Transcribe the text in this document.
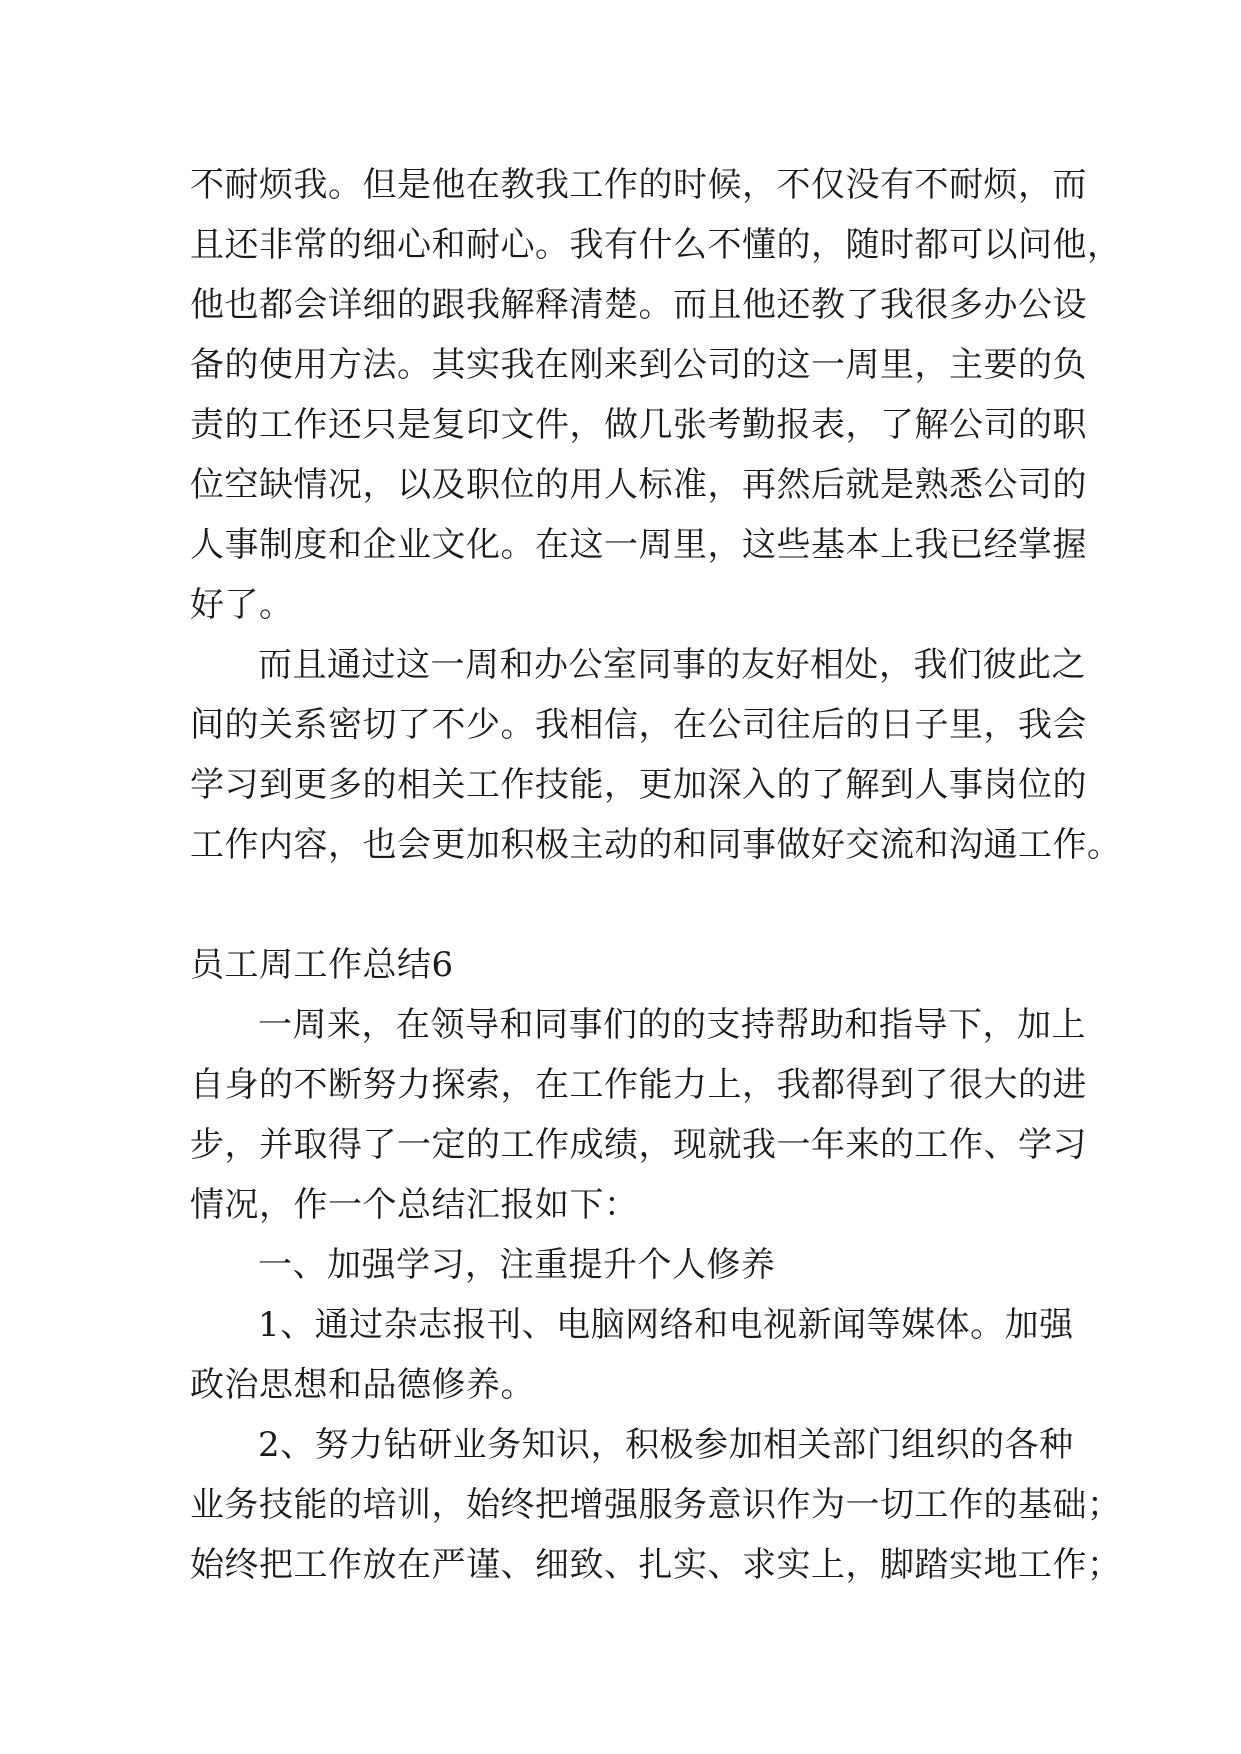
不耐烦我。但是他在教我工作的时候，不仅没有不耐烦，而
且还非常的细心和耐心。我有什么不懂的，随时都可以问他，
他也都会详细的跟我解释清楚。而且他还教了我很多办公设
备的使用方法。其实我在刚来到公司的这一周里，主要的负
责的工作还只是复印文件，做几张考勤报表，了解公司的职
位空缺情况，以及职位的用人标准，再然后就是熟悉公司的
人事制度和企业文化。在这一周里，这些基本上我已经掌握
好了。
而且通过这一周和办公室同事的友好相处，我们彼此之
间的关系密切了不少。我相信，在公司往后的日子里，我会
学习到更多的相关工作技能，更加深入的了解到人事岗位的
工作内容，也会更加积极主动的和同事做好交流和沟通工作。
员工周工作总结6
一周来，在领导和同事们的的支持帮助和指导下，加上
自身的不断努力探索，在工作能力上，我都得到了很大的进
步，并取得了一定的工作成绩，现就我一年来的工作、学习
情况，作一个总结汇报如下：
一、加强学习，注重提升个人修养
1、通过杂志报刊、电脑网络和电视新闻等媒体。加强
政治思想和品德修养。
2、努力钻研业务知识，积极参加相关部门组织的各种
业务技能的培训，始终把增强服务意识作为一切工作的基础；
始终把工作放在严谨、细致、扎实、求实上，脚踏实地工作；
